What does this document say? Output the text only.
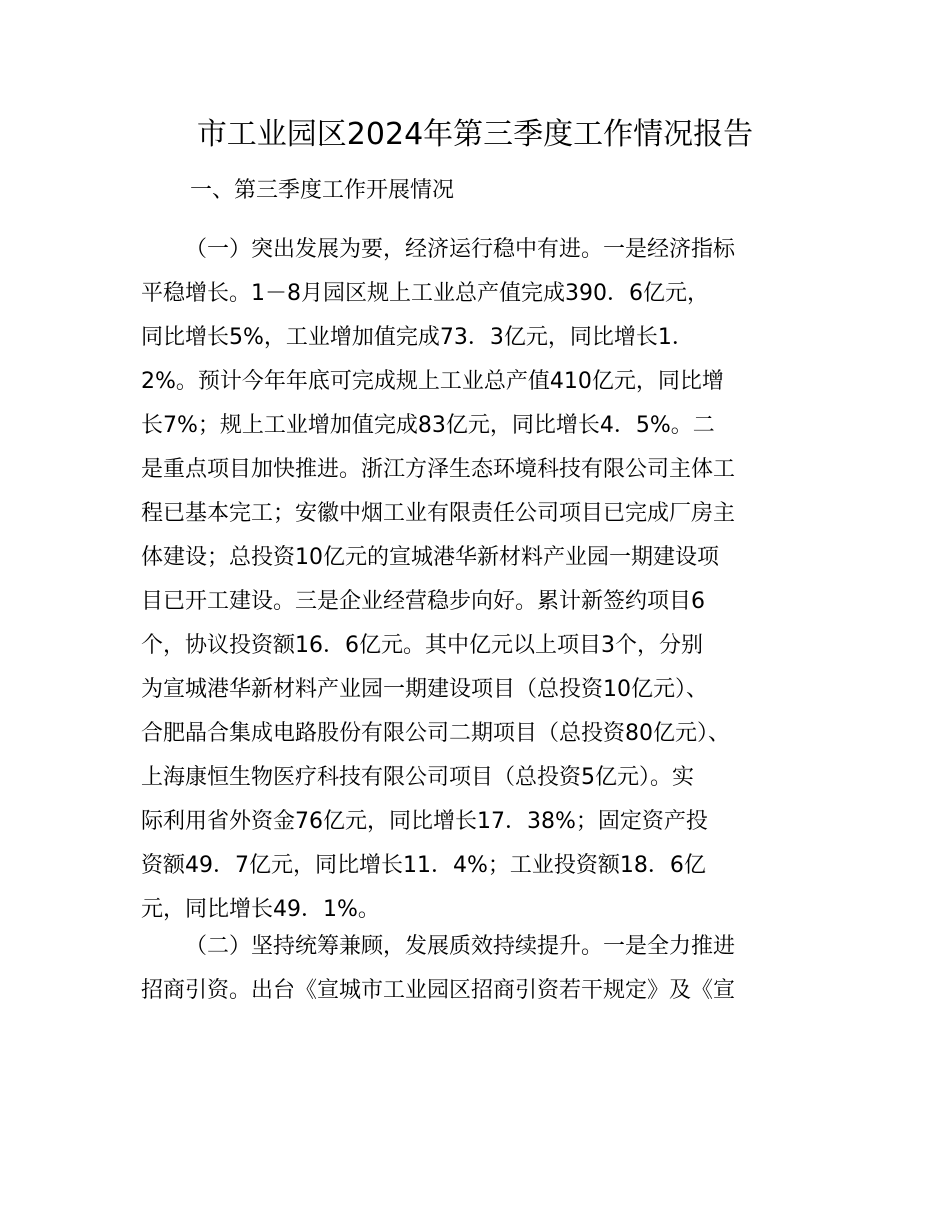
市工业园区2024年第三季度工作情况报告
一、第三季度工作开展情况
（一）突出发展为要，经济运行稳中有进。一是经济指标
平稳增长。1－8月园区规上工业总产值完成390．6亿元，
同比增长5%，工业增加值完成73．3亿元，同比增长1．
2%。预计今年年底可完成规上工业总产值410亿元，同比增
长7%；规上工业增加值完成83亿元，同比增长4．5%。二
是重点项目加快推进。浙江方泽生态环境科技有限公司主体工
程已基本完工；安徽中烟工业有限责任公司项目已完成厂房主
体建设；总投资10亿元的宣城港华新材料产业园一期建设项
目已开工建设。三是企业经营稳步向好。累计新签约项目6
个，协议投资额16．6亿元。其中亿元以上项目3个，分别
为宣城港华新材料产业园一期建设项目（总投资10亿元）、
合肥晶合集成电路股份有限公司二期项目（总投资80亿元）、
上海康恒生物医疗科技有限公司项目（总投资5亿元）。实
际利用省外资金76亿元，同比增长17．38%；固定资产投
资额49．7亿元，同比增长11．4%；工业投资额18．6亿
元，同比增长49．1%。
（二）坚持统筹兼顾，发展质效持续提升。一是全力推进
招商引资。出台《宣城市工业园区招商引资若干规定》及《宣
